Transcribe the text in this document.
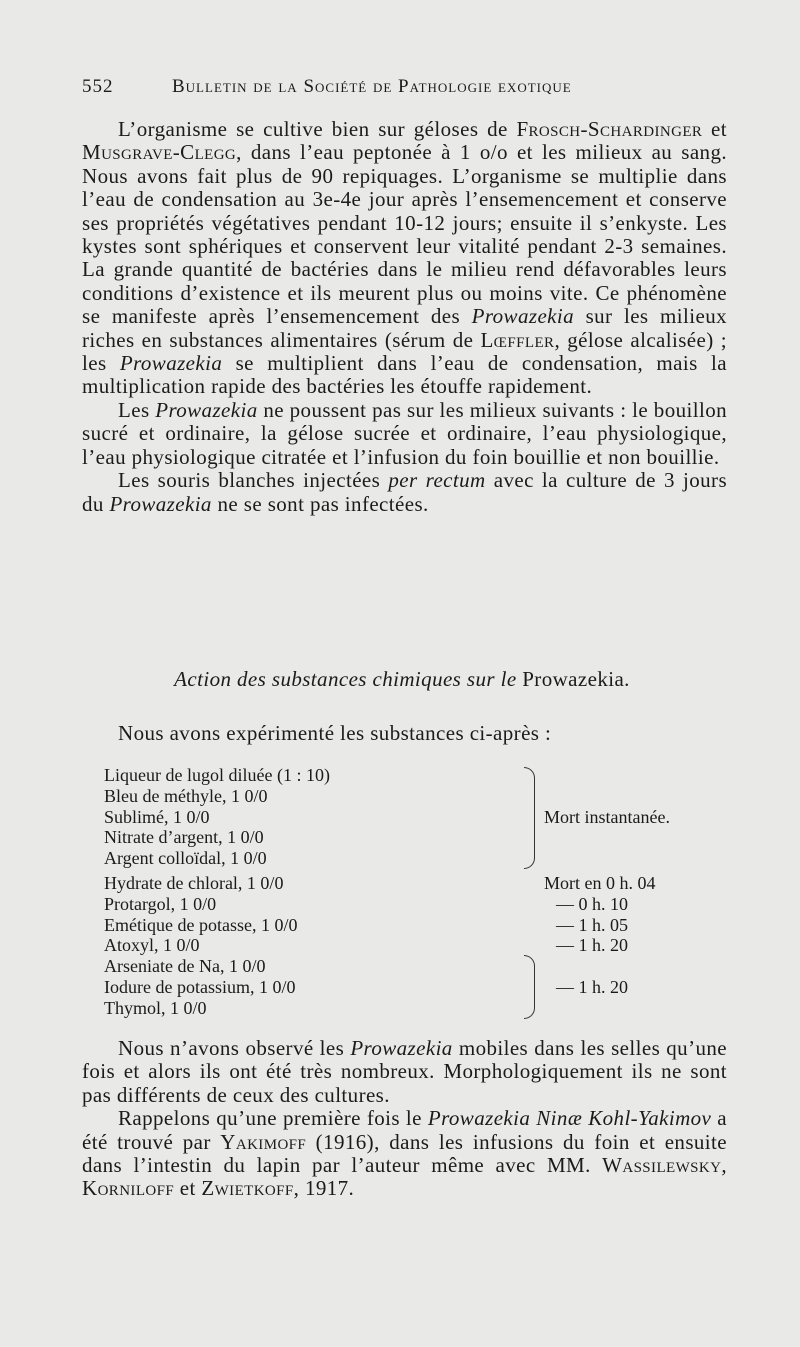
552	Bulletin de la Société de Pathologie exotique

L’organisme se cultive bien sur géloses de Frosch-Schardinger et Musgrave-Clegg, dans l’eau peptonée à 1 o/o et les milieux au sang. Nous avons fait plus de 90 repiquages. L’organisme se multiplie dans l’eau de condensation au 3e-4e jour après l’ensemencement et conserve ses propriétés végétatives pendant 10-12 jours; ensuite il s’enkyste. Les kystes sont sphériques et conservent leur vitalité pendant 2-3 semaines. La grande quantité de bactéries dans le milieu rend défavorables leurs conditions d’existence et ils meurent plus ou moins vite. Ce phénomène se manifeste après l’ensemencement des Prowazekia sur les milieux riches en substances alimentaires (sérum de Lœffler, gélose alcalisée) ; les Prowazekia se multiplient dans l’eau de condensation, mais la multiplication rapide des bactéries les étouffe rapidement.

Les Prowazekia ne poussent pas sur les milieux suivants : le bouillon sucré et ordinaire, la gélose sucrée et ordinaire, l’eau physiologique, l’eau physiologique citratée et l’infusion du foin bouillie et non bouillie.

Les souris blanches injectées per rectum avec la culture de 3 jours du Prowazekia ne se sont pas infectées.

Action des substances chimiques sur le Prowazekia.

Nous avons expérimenté les substances ci-après :

Liqueur de lugol diluée (1 : 10)
Bleu de méthyle, 1 0/0
Sublimé, 1 0/0	Mort instantanée.
Nitrate d’argent, 1 0/0
Argent colloïdal, 1 0/0
Hydrate de chloral, 1 0/0	Mort en 0 h. 04
Protargol, 1 0/0	— 0 h. 10
Emétique de potasse, 1 0/0	— 1 h. 05
Atoxyl, 1 0/0	— 1 h. 20
Arseniate de Na, 1 0/0
Iodure de potassium, 1 0/0	— 1 h. 20
Thymol, 1 0/0

Nous n’avons observé les Prowazekia mobiles dans les selles qu’une fois et alors ils ont été très nombreux. Morphologiquement ils ne sont pas différents de ceux des cultures.

Rappelons qu’une première fois le Prowazekia Ninæ Kohl-Yakimov a été trouvé par Yakimoff (1916), dans les infusions du foin et ensuite dans l’intestin du lapin par l’auteur même avec MM. Wassilewsky, Korniloff et Zwietkoff, 1917.
